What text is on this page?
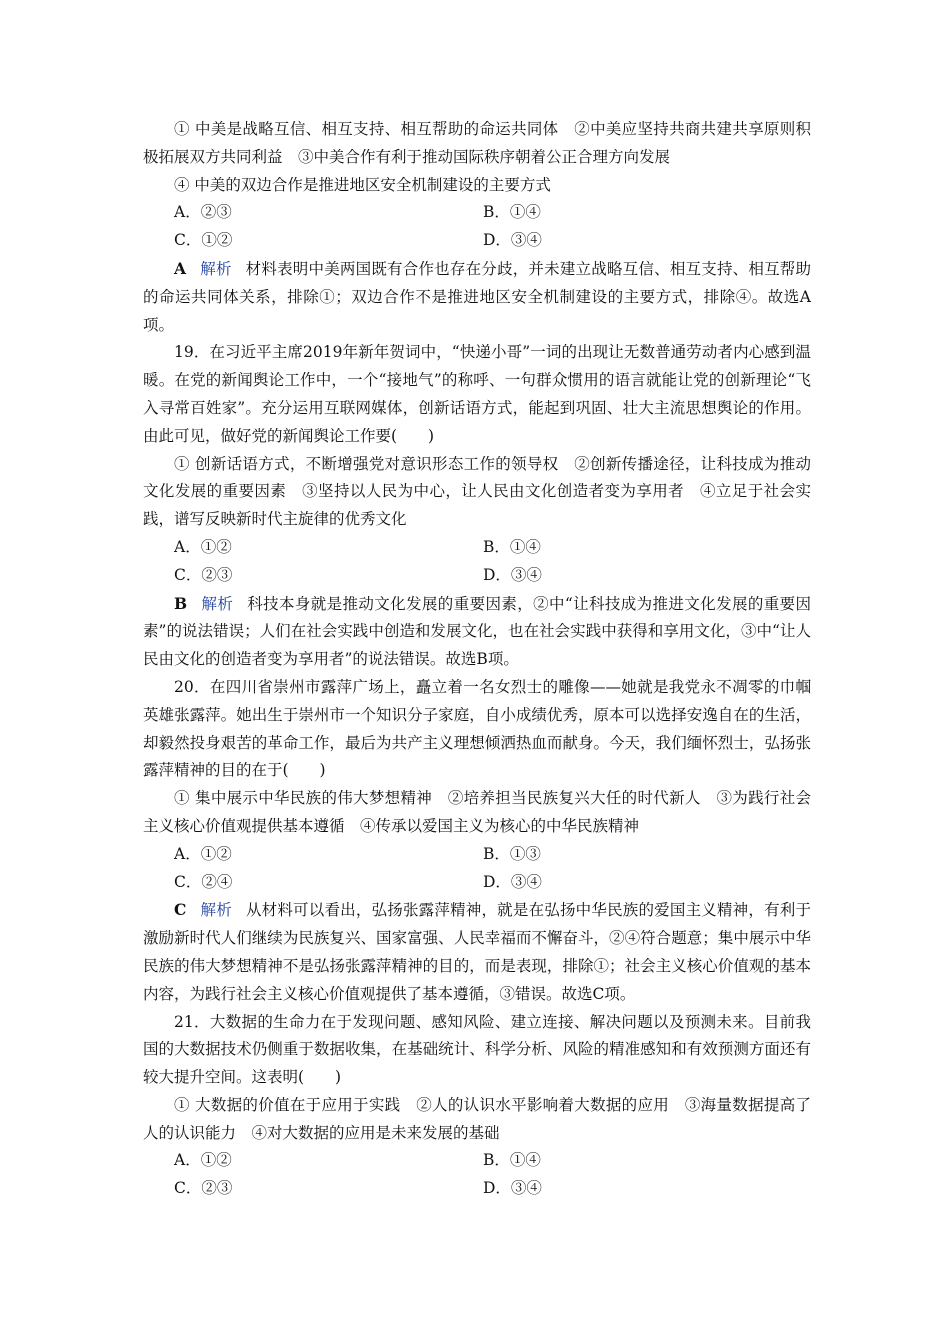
① 中美是战略互信、相互支持、相互帮助的命运共同体　②中美应坚持共商共建共享原则积极拓展双方共同利益　③中美合作有利于推动国际秩序朝着公正合理方向发展

④ 中美的双边合作是推进地区安全机制建设的主要方式

A．②③	B．①④
C．①②	D．③④

A 解析 材料表明中美两国既有合作也存在分歧，并未建立战略互信、相互支持、相互帮助的命运共同体关系，排除①；双边合作不是推进地区安全机制建设的主要方式，排除④。故选A项。

19．在习近平主席2019年新年贺词中，“快递小哥”一词的出现让无数普通劳动者内心感到温暖。在党的新闻舆论工作中，一个“接地气”的称呼、一句群众惯用的语言就能让党的创新理论“飞入寻常百姓家”。充分运用互联网媒体，创新话语方式，能起到巩固、壮大主流思想舆论的作用。由此可见，做好党的新闻舆论工作要(　　)

① 创新话语方式，不断增强党对意识形态工作的领导权　②创新传播途径，让科技成为推动文化发展的重要因素　③坚持以人民为中心，让人民由文化创造者变为享用者　④立足于社会实践，谱写反映新时代主旋律的优秀文化

A．①②	B．①④
C．②③	D．③④

B 解析 科技本身就是推动文化发展的重要因素，②中“让科技成为推进文化发展的重要因素”的说法错误；人们在社会实践中创造和发展文化，也在社会实践中获得和享用文化，③中“让人民由文化的创造者变为享用者”的说法错误。故选B项。

20．在四川省崇州市露萍广场上，矗立着一名女烈士的雕像——她就是我党永不凋零的巾帼英雄张露萍。她出生于崇州市一个知识分子家庭，自小成绩优秀，原本可以选择安逸自在的生活，却毅然投身艰苦的革命工作，最后为共产主义理想倾洒热血而献身。今天，我们缅怀烈士，弘扬张露萍精神的目的在于(　　)

① 集中展示中华民族的伟大梦想精神　②培养担当民族复兴大任的时代新人　③为践行社会主义核心价值观提供基本遵循　④传承以爱国主义为核心的中华民族精神

A．①②	B．①③
C．②④	D．③④

C 解析 从材料可以看出，弘扬张露萍精神，就是在弘扬中华民族的爱国主义精神，有利于激励新时代人们继续为民族复兴、国家富强、人民幸福而不懈奋斗，②④符合题意；集中展示中华民族的伟大梦想精神不是弘扬张露萍精神的目的，而是表现，排除①；社会主义核心价值观的基本内容，为践行社会主义核心价值观提供了基本遵循，③错误。故选C项。

21．大数据的生命力在于发现问题、感知风险、建立连接、解决问题以及预测未来。目前我国的大数据技术仍侧重于数据收集，在基础统计、科学分析、风险的精准感知和有效预测方面还有较大提升空间。这表明(　　)

① 大数据的价值在于应用于实践　②人的认识水平影响着大数据的应用　③海量数据提高了人的认识能力　④对大数据的应用是未来发展的基础

A．①②	B．①④
C．②③	D．③④
